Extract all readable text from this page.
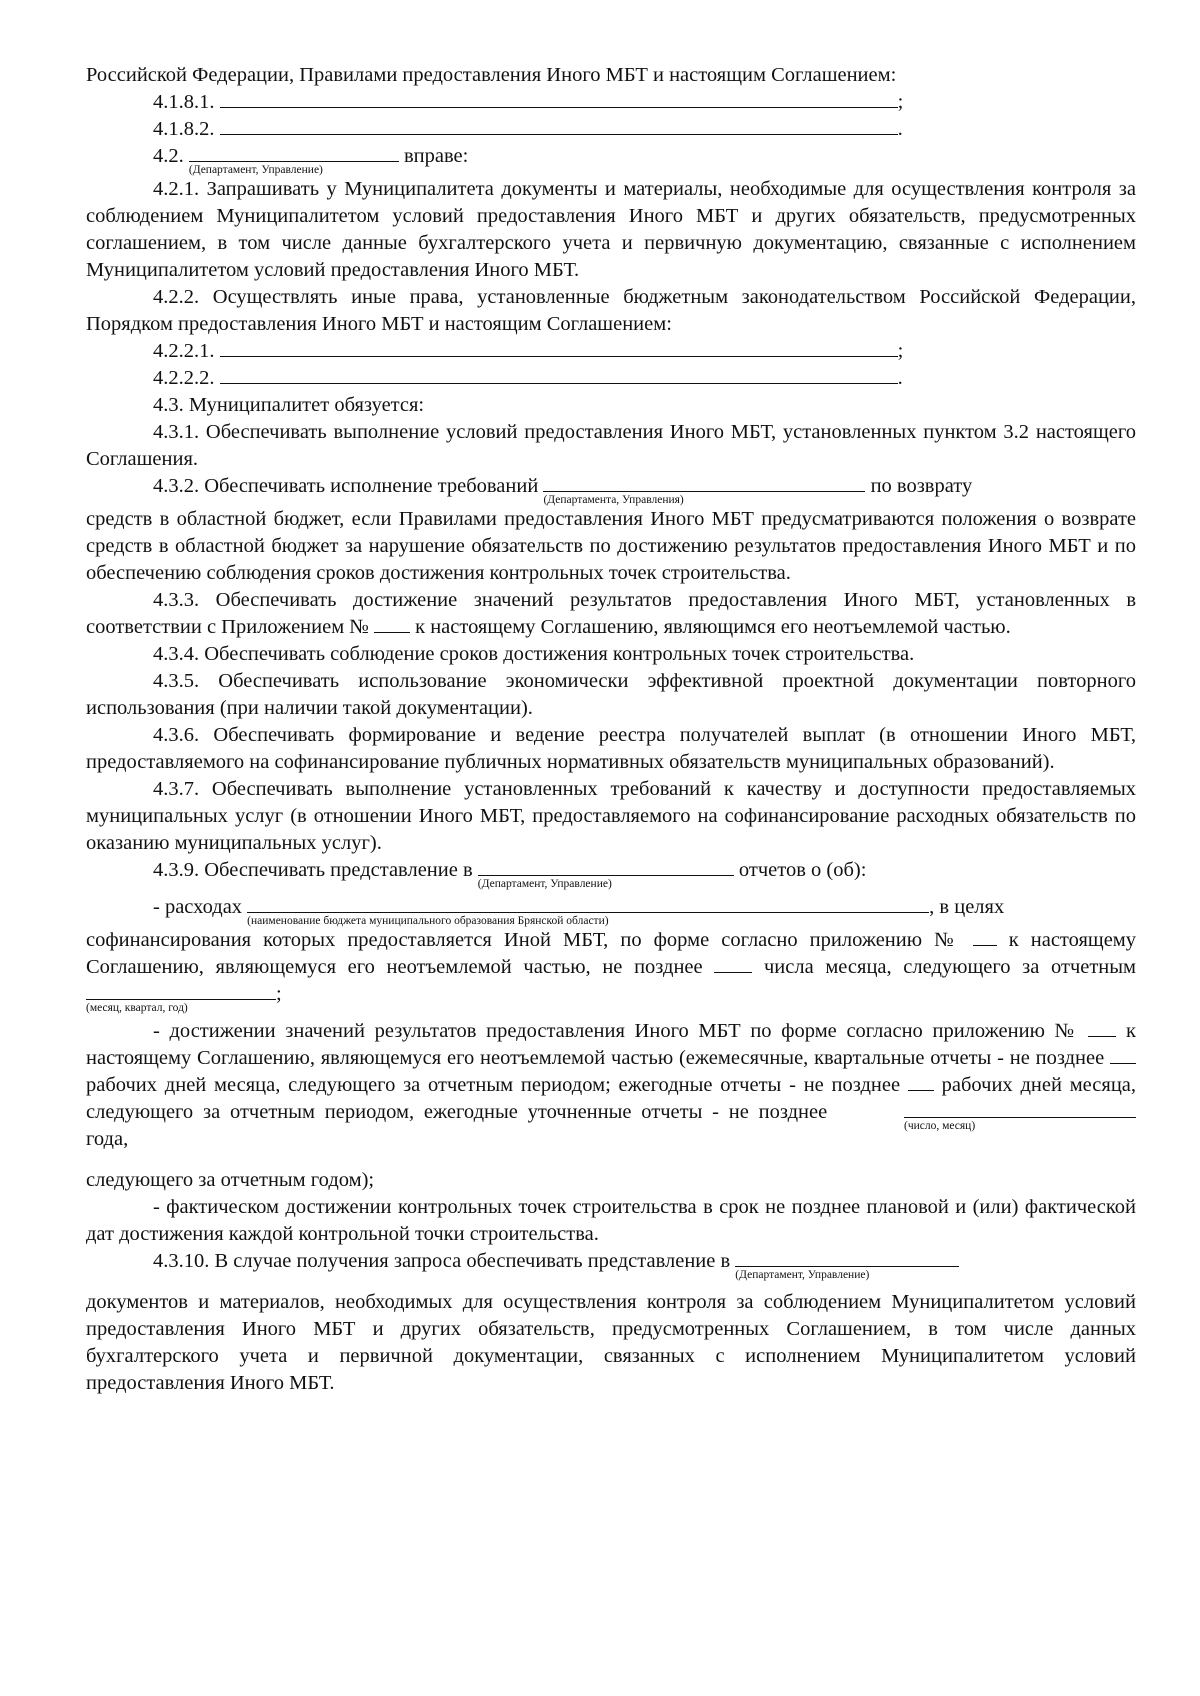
Российской Федерации, Правилами предоставления Иного МБТ и настоящим Соглашением:

4.1.8.1.	;

4.1.8.2.	.

4.2.
(Департамент, Управление)
вправе:

4.2.1. Запрашивать у Муниципалитета документы и материалы, необходимые для осуществления контроля за соблюдением Муниципалитетом условий предоставления Иного МБТ и других обязательств, предусмотренных соглашением, в том числе данные бухгалтерского учета и первичную документацию, связанные с исполнением Муниципалитетом условий предоставления Иного МБТ.

4.2.2. Осуществлять иные права, установленные бюджетным законодательством Российской Федерации, Порядком предоставления Иного МБТ и настоящим Соглашением:

4.2.2.1.	;

4.2.2.2.	.

4.3. Муниципалитет обязуется:

4.3.1. Обеспечивать выполнение условий предоставления Иного МБТ, установленных пунктом 3.2 настоящего Соглашения.

4.3.2. Обеспечивать исполнение требований
(Департамента, Управления)
по возврату

средств в областной бюджет, если Правилами предоставления Иного МБТ предусматриваются положения о возврате средств в областной бюджет за нарушение обязательств по достижению результатов предоставления Иного МБТ и по обеспечению соблюдения сроков достижения контрольных точек строительства.

4.3.3. Обеспечивать достижение значений результатов предоставления Иного МБТ, установленных в соответствии с Приложением № к настоящему Соглашению, являющимся его неотъемлемой частью.

4.3.4. Обеспечивать соблюдение сроков достижения контрольных точек строительства.

4.3.5. Обеспечивать использование экономически эффективной проектной документации повторного использования (при наличии такой документации).

4.3.6. Обеспечивать формирование и ведение реестра получателей выплат (в отношении Иного МБТ, предоставляемого на софинансирование публичных нормативных обязательств муниципальных образований).

4.3.7. Обеспечивать выполнение установленных требований к качеству и доступности предоставляемых муниципальных услуг (в отношении Иного МБТ, предоставляемого на софинансирование расходных обязательств по оказанию муниципальных услуг).

4.3.9. Обеспечивать представление в
(Департамент, Управление)
отчетов о (об):

- расходах
(наименование бюджета муниципального образования Брянской области)
, в целях

софинансирования которых предоставляется Иной МБТ, по форме согласно приложению № к настоящему Соглашению, являющемуся его неотъемлемой частью, не позднее	числа месяца, следующего за отчетным
(месяц, квартал, год)
;

- достижении значений результатов предоставления Иного МБТ по форме согласно приложению № к настоящему Соглашению, являющемуся его неотъемлемой частью (ежемесячные, квартальные отчеты - не позднее  рабочих дней месяца, следующего за отчетным периодом; ежегодные отчеты - не позднее рабочих дней месяца, следующего за отчетным периодом, ежегодные уточненные отчеты - не позднее
(число, месяц)
года,

следующего за отчетным годом);

- фактическом достижении контрольных точек строительства в срок не позднее плановой и (или) фактической дат достижения каждой контрольной точки строительства.

4.3.10. В случае получения запроса обеспечивать представление в
(Департамент, Управление)

документов и материалов, необходимых для осуществления контроля за соблюдением Муниципалитетом условий предоставления Иного МБТ и других обязательств, предусмотренных Соглашением, в том числе данных бухгалтерского учета и первичной документации, связанных с исполнением Муниципалитетом условий предоставления Иного МБТ.
